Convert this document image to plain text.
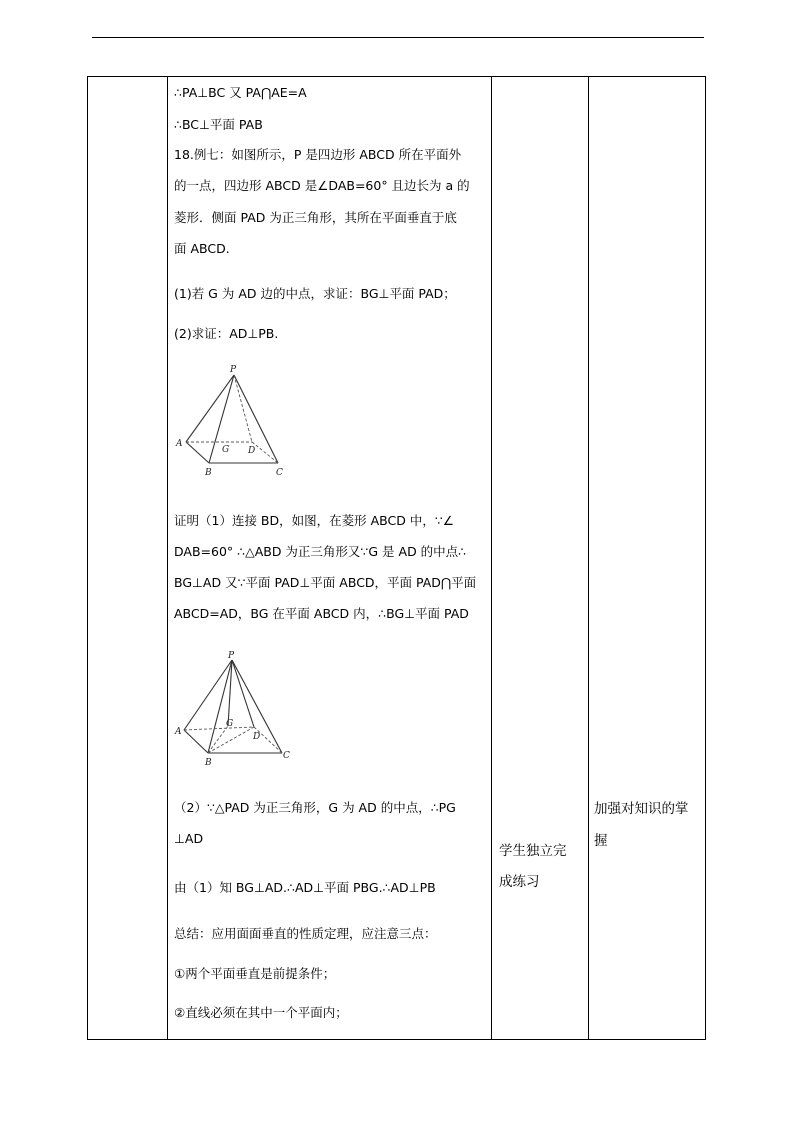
∴PA⊥BC 又 PA⋂AE=A
∴BC⊥平面 PAB
18.例七：如图所示，P 是四边形 ABCD 所在平面外
的一点，四边形 ABCD 是∠DAB=60° 且边长为 a 的
菱形．侧面 PAD 为正三角形，其所在平面垂直于底
面 ABCD.
(1)若 G 为 AD 边的中点，求证：BG⊥平面 PAD；
(2)求证：AD⊥PB.
证明（1）连接 BD，如图，在菱形 ABCD 中，∵∠
DAB=60° ∴△ABD 为正三角形又∵G 是 AD 的中点∴
BG⊥AD 又∵平面 PAD⊥平面 ABCD，平面 PAD⋂平面
ABCD=AD，BG 在平面 ABCD 内，∴BG⊥平面 PAD
（2）∵△PAD 为正三角形，G 为 AD 的中点，∴PG
⊥AD
由（1）知 BG⊥AD.∴AD⊥平面 PBG.∴AD⊥PB
总结：应用面面垂直的性质定理，应注意三点：
①两个平面垂直是前提条件；
②直线必须在其中一个平面内；
P
A
B	C
D
G
P
A
B
C
D
G
学生独立完
成练习
加强对知识的掌
握
